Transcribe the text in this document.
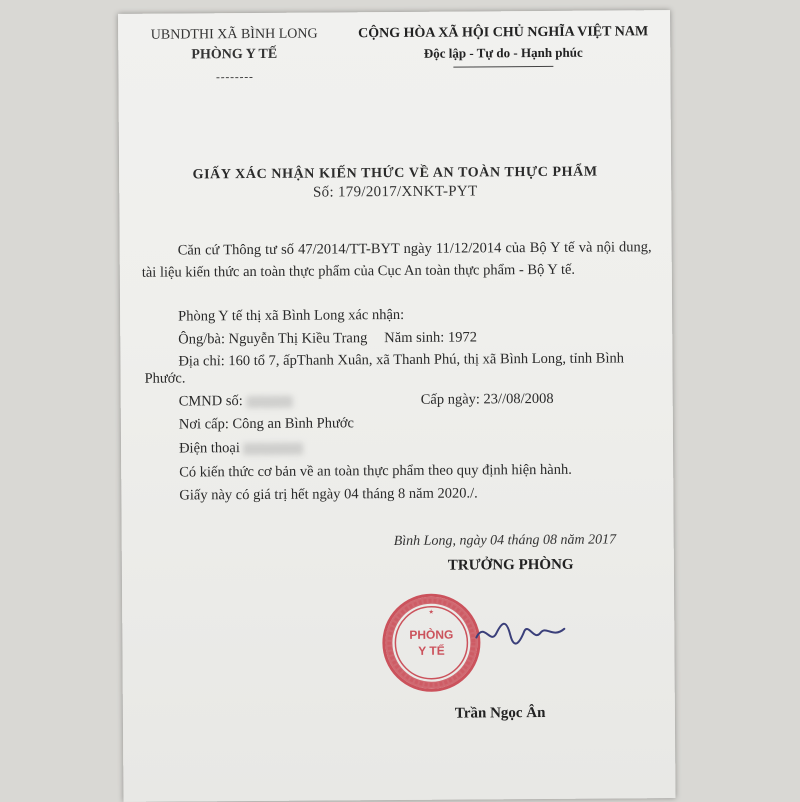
UBNDTHI XÃ BÌNH LONG
PHÒNG Y TẾ
CỘNG HÒA XÃ HỘI CHỦ NGHĨA VIỆT NAM
Độc lập - Tự do - Hạnh phúc
GIẤY XÁC NHẬN KIẾN THỨC VỀ AN TOÀN THỰC PHẨM
Số: 179/2017/XNKT-PYT
Căn cứ Thông tư số 47/2014/TT-BYT ngày 11/12/2014 của Bộ Y tế và nội dung, tài liệu kiến thức an toàn thực phẩm của Cục An toàn thực phẩm - Bộ Y tế.
Phòng Y tế thị xã Bình Long xác nhận:
Ông/bà: Nguyễn Thị Kiều Trang Năm sinh: 1972
Địa chỉ: 160 tổ 7, ấpThanh Xuân, xã Thanh Phú, thị xã Bình Long, tỉnh Bình
Phước.
CMND số:	Cấp ngày: 23//08/2008
Nơi cấp: Công an Bình Phước
Điện thoại
Có kiến thức cơ bản về an toàn thực phẩm theo quy định hiện hành.
Giấy này có giá trị hết ngày 04 tháng 8 năm 2020./.
Bình Long, ngày 04 tháng 08 năm 2017
TRƯỞNG PHÒNG
★
PHÒNG
Y TẾ
Trần Ngọc Ân
